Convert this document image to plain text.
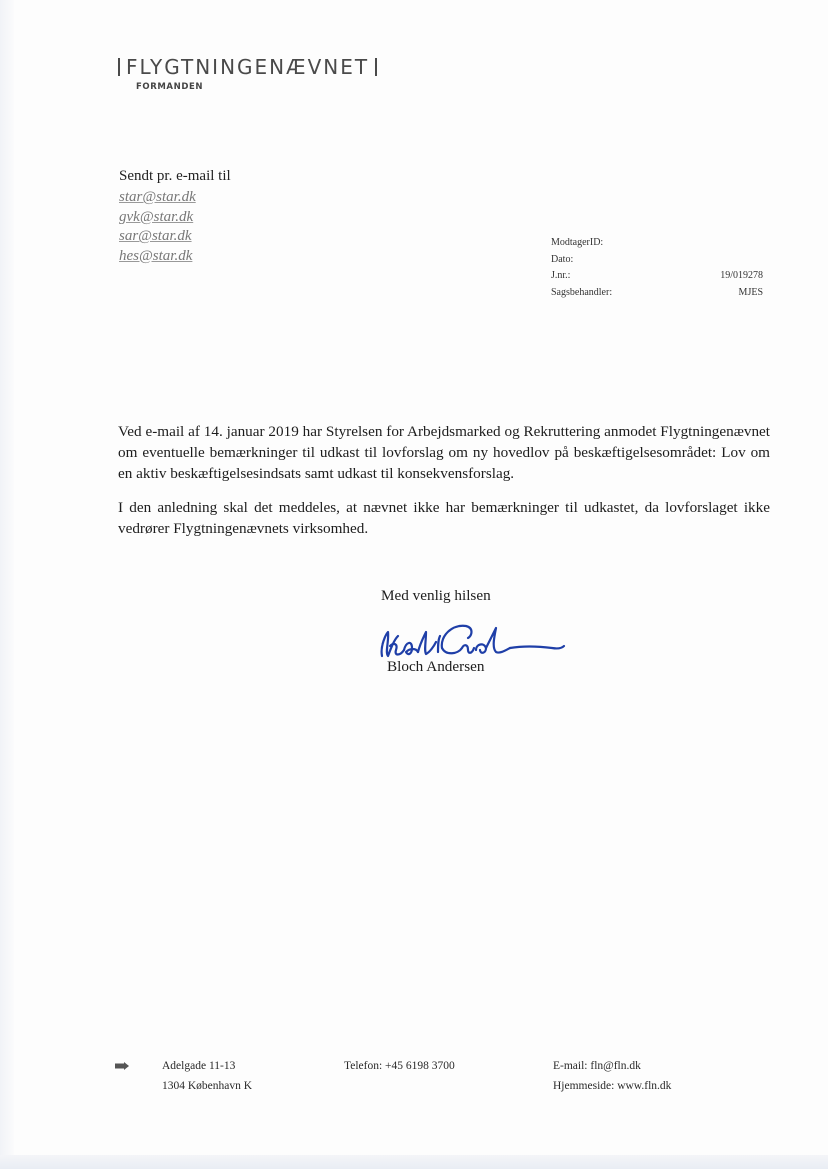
FLYGTNINGENÆVNET
FORMANDEN
Sendt pr. e-mail til
star@star.dk
gvk@star.dk
sar@star.dk
hes@star.dk
ModtagerID:
Dato:
J.nr.:	19/019278
Sagsbehandler:	MJES

Ved e-mail af 14. januar 2019 har Styrelsen for Arbejdsmarked og Rekruttering anmodet Flygtningenævnet om eventuelle bemærkninger til udkast til lovforslag om ny hovedlov på beskæftigelsesområdet: Lov om en aktiv beskæftigelsesindsats samt udkast til konsekvensforslag.

I den anledning skal det meddeles, at nævnet ikke har bemærkninger til udkastet, da lovforslaget ikke vedrører Flygtningenævnets virksomhed.

Med venlig hilsen
Bloch Andersen
Adelgade 11-13
1304 København K
Telefon: +45 6198 3700	E-mail: fln@fln.dk
Hjemmeside: www.fln.dk
